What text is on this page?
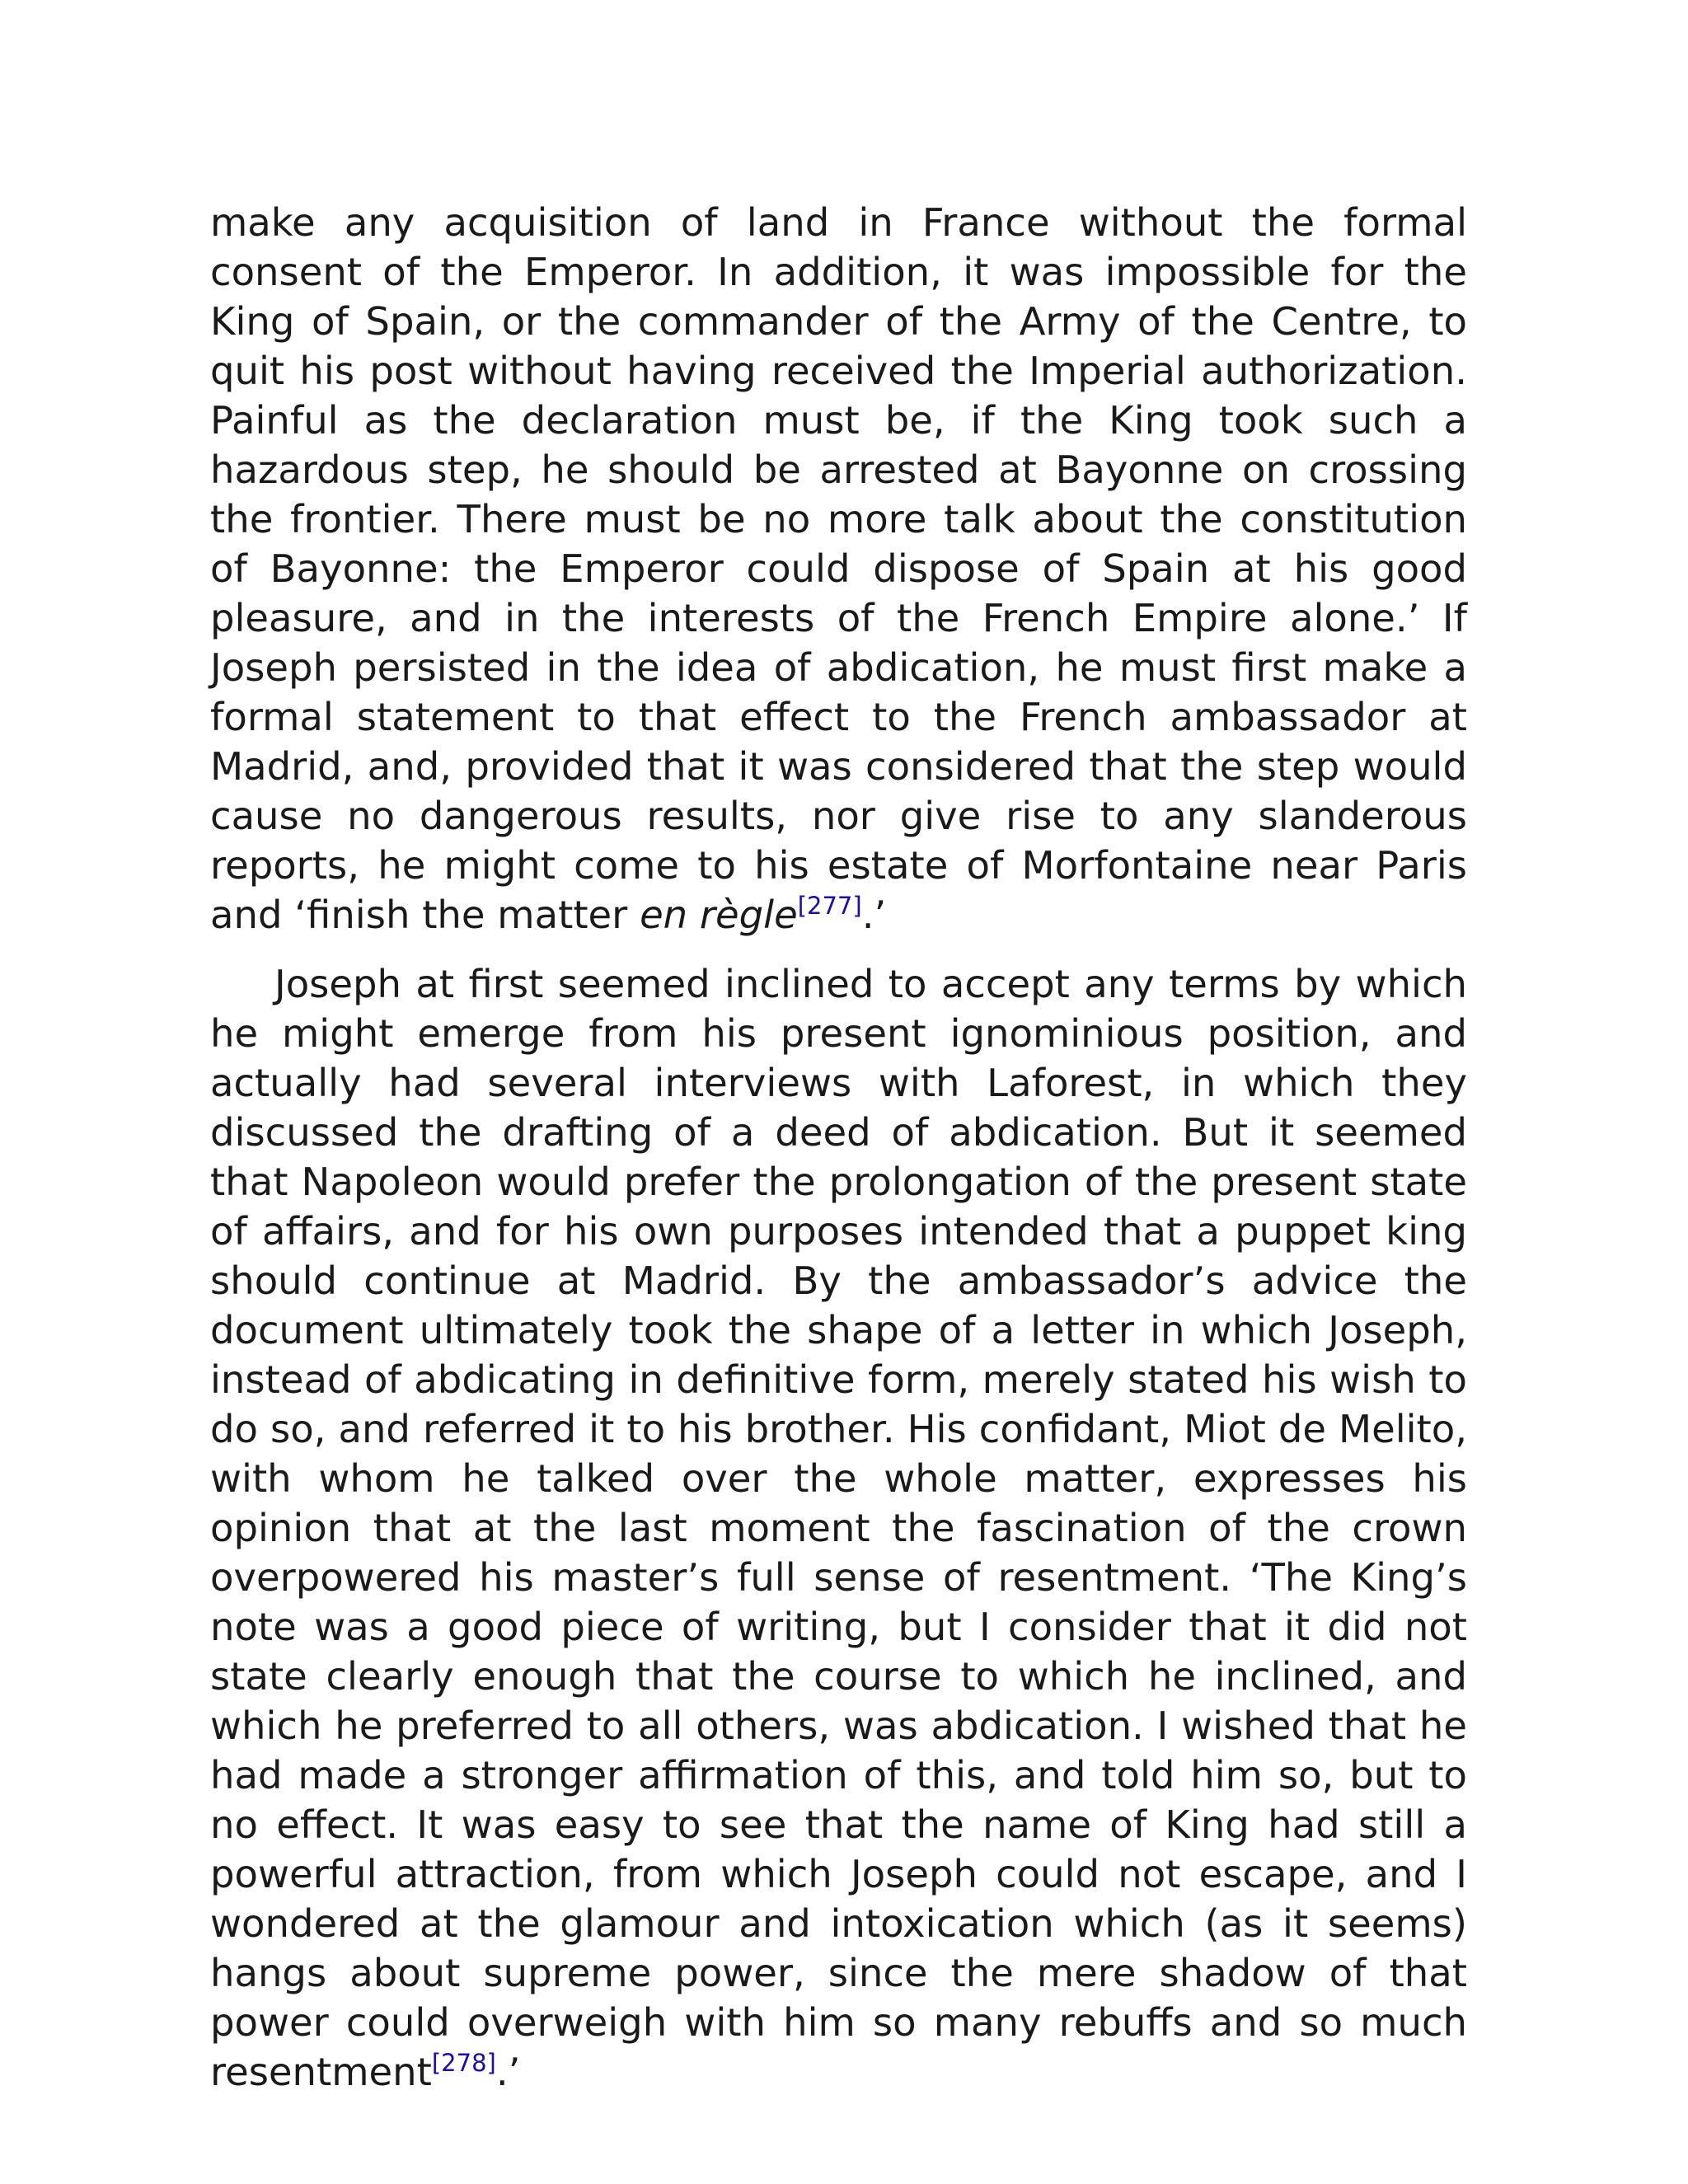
make any acquisition of land in France without the formal consent of the Emperor. In addition, it was impossible for the King of Spain, or the commander of the Army of the Centre, to quit his post without having received the Imperial authorization. Painful as the declaration must be, if the King took such a hazardous step, he should be arrested at Bayonne on crossing the frontier. There must be no more talk about the constitution of Bayonne: the Emperor could dispose of Spain at his good pleasure, and in the interests of the French Empire alone.’ If Joseph persisted in the idea of abdication, he must first make a formal statement to that effect to the French ambassador at Madrid, and, provided that it was considered that the step would cause no dangerous results, nor give rise to any slanderous reports, he might come to his estate of Morfontaine near Paris and ‘finish the matter en règle[277].’

Joseph at first seemed inclined to accept any terms by which he might emerge from his present ignominious position, and actually had several interviews with Laforest, in which they discussed the drafting of a deed of abdication. But it seemed that Napoleon would prefer the prolongation of the present state of affairs, and for his own purposes intended that a puppet king should continue at Madrid. By the ambassador’s advice the document ultimately took the shape of a letter in which Joseph, instead of abdicating in definitive form, merely stated his wish to do so, and referred it to his brother. His confidant, Miot de Melito, with whom he talked over the whole matter, expresses his opinion that at the last moment the fascination of the crown overpowered his master’s full sense of resentment. ‘The King’s note was a good piece of writing, but I consider that it did not state clearly enough that the course to which he inclined, and which he preferred to all others, was abdication. I wished that he had made a stronger affirmation of this, and told him so, but to no effect. It was easy to see that the name of King had still a powerful attraction, from which Joseph could not escape, and I wondered at the glamour and intoxication which (as it seems) hangs about supreme power, since the mere shadow of that power could overweigh with him so many rebuffs and so much resentment[278].’
